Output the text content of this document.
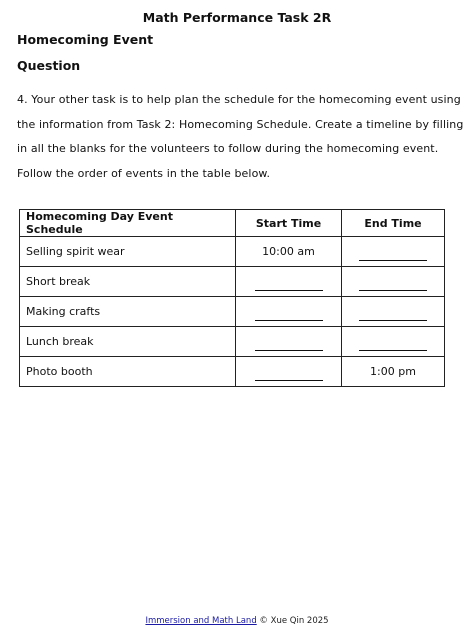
Math Performance Task 2R
Homecoming Event
Question
4. Your other task is to help plan the schedule for the homecoming event using the information from Task 2: Homecoming Schedule. Create a timeline by filling in all the blanks for the volunteers to follow during the homecoming event. Follow the order of events in the table below.
Homecoming Day Event Schedule	Start Time	End Time
Selling spirit wear	10:00 am	
Short break		
Making crafts		
Lunch break		
Photo booth		1:00 pm
Immersion and Math Land © Xue Qin 2025
